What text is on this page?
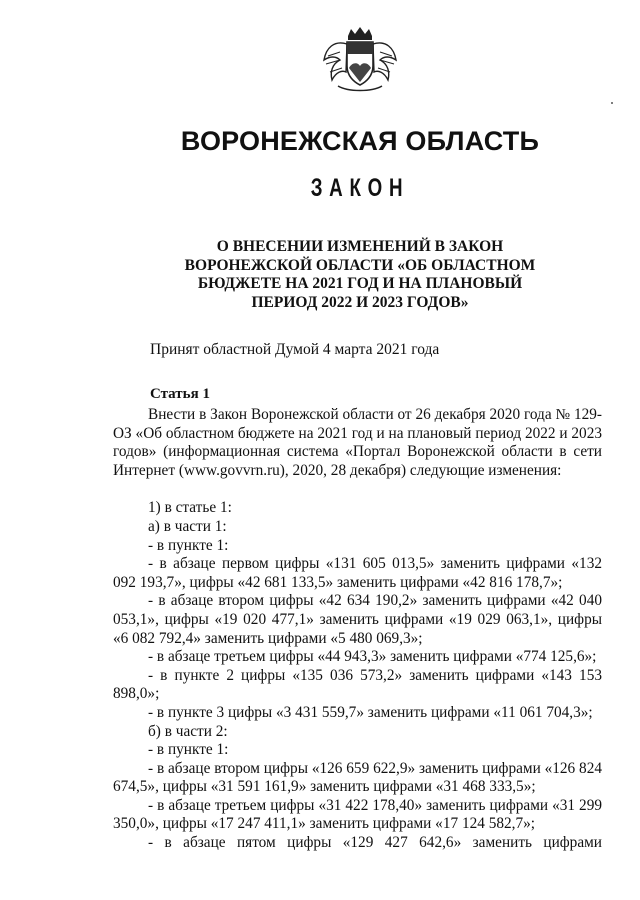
ВОРОНЕЖСКАЯ ОБЛАСТЬ
ЗАКОН
О ВНЕСЕНИИ ИЗМЕНЕНИЙ В ЗАКОН
ВОРОНЕЖСКОЙ ОБЛАСТИ «ОБ ОБЛАСТНОМ
БЮДЖЕТЕ НА 2021 ГОД И НА ПЛАНОВЫЙ
ПЕРИОД 2022 И 2023 ГОДОВ»
Принят областной Думой 4 марта 2021 года
Статья 1

Внести в Закон Воронежской области от 26 декабря 2020 года № 129-ОЗ «Об областном бюджете на 2021 год и на плановый период 2022 и 2023 годов» (информационная система «Портал Воронежской области в сети Интернет (www.govvrn.ru), 2020, 28 декабря) следующие изменения:

1) в статье 1:

а) в части 1:

- в пункте 1:

- в абзаце первом цифры «131 605 013,5» заменить цифрами «132 092 193,7», цифры «42 681 133,5» заменить цифрами «42 816 178,7»;

- в абзаце втором цифры «42 634 190,2» заменить цифрами «42 040 053,1», цифры «19 020 477,1» заменить цифрами «19 029 063,1», цифры «6 082 792,4» заменить цифрами «5 480 069,3»;

- в абзаце третьем цифры «44 943,3» заменить цифрами «774 125,6»;

- в пункте 2 цифры «135 036 573,2» заменить цифрами «143 153 898,0»;

- в пункте 3 цифры «3 431 559,7» заменить цифрами «11 061 704,3»;

б) в части 2:

- в пункте 1:

- в абзаце втором цифры «126 659 622,9» заменить цифрами «126 824 674,5», цифры «31 591 161,9» заменить цифрами «31 468 333,5»;

- в абзаце третьем цифры «31 422 178,40» заменить цифрами «31 299 350,0», цифры «17 247 411,1» заменить цифрами «17 124 582,7»;

- в абзаце пятом цифры «129 427 642,6» заменить цифрами
